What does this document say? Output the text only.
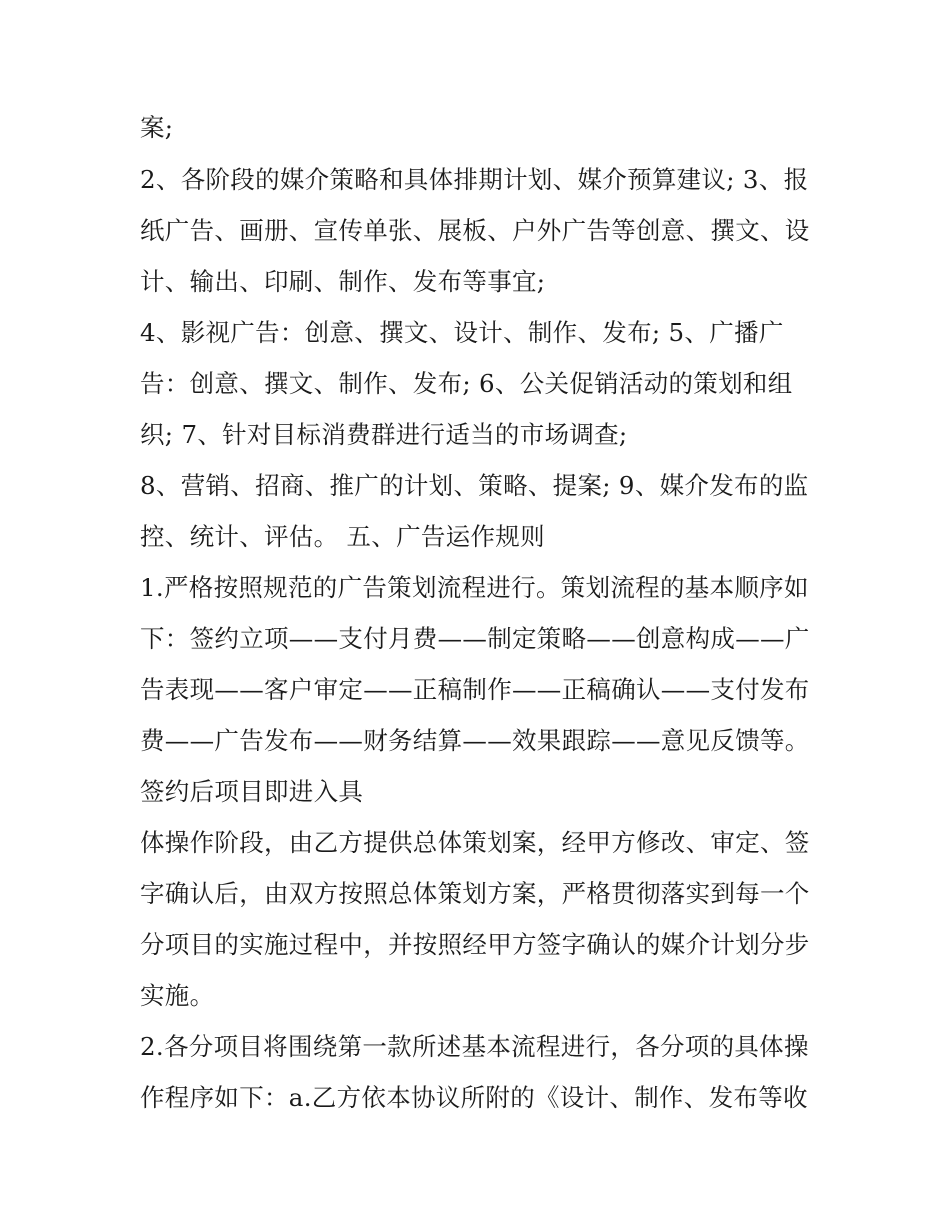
案;
2、各阶段的媒介策略和具体排期计划、媒介预算建议; 3、报
纸广告、画册、宣传单张、展板、户外广告等创意、撰文、设
计、输出、印刷、制作、发布等事宜;
4、影视广告：创意、撰文、设计、制作、发布; 5、广播广
告：创意、撰文、制作、发布; 6、公关促销活动的策划和组
织; 7、针对目标消费群进行适当的市场调查;
8、营销、招商、推广的计划、策略、提案; 9、媒介发布的监
控、统计、评估。 五、广告运作规则
1.严格按照规范的广告策划流程进行。策划流程的基本顺序如
下：签约立项——支付月费——制定策略——创意构成——广
告表现——客户审定——正稿制作——正稿确认——支付发布
费——广告发布——财务结算——效果跟踪——意见反馈等。
签约后项目即进入具
体操作阶段，由乙方提供总体策划案，经甲方修改、审定、签
字确认后，由双方按照总体策划方案，严格贯彻落实到每一个
分项目的实施过程中，并按照经甲方签字确认的媒介计划分步
实施。
2.各分项目将围绕第一款所述基本流程进行，各分项的具体操
作程序如下：a.乙方依本协议所附的《设计、制作、发布等收
